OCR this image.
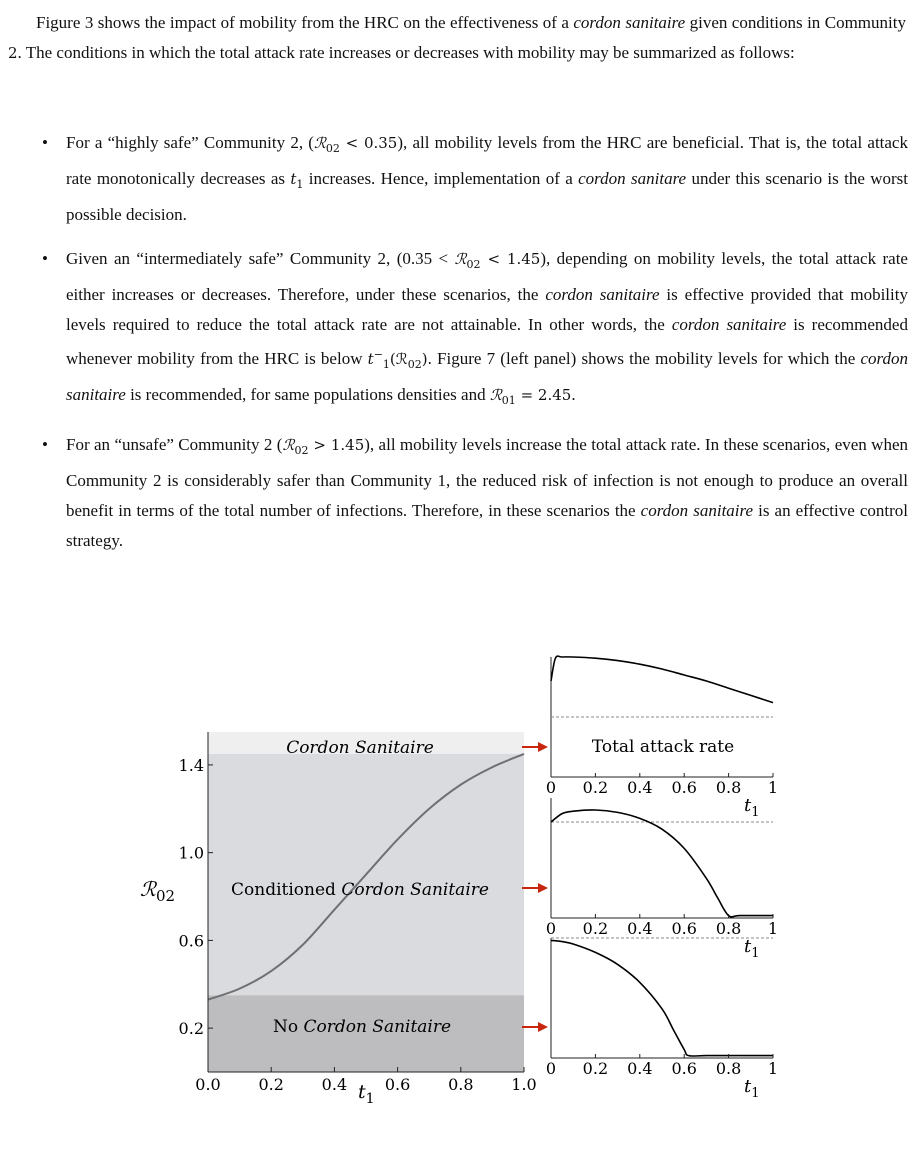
Figure 3 shows the impact of mobility from the HRC on the effectiveness of a cordon sanitaire given conditions in Community 2. The conditions in which the total attack rate increases or decreases with mobility may be summarized as follows:

• For a “highly safe” Community 2, (ℛ$_{02}$ < 0.35), all mobility levels from the HRC are beneficial. That is, the total attack rate monotonically decreases as $t_1$ increases. Hence, implementation of a cordon sanitare under this scenario is the worst possible decision.
• Given an “intermediately safe” Community 2, (0.35 < ℛ$_{02}$ < 1.45), depending on mobility levels, the total attack rate either increases or decreases. Therefore, under these scenarios, the cordon sanitaire is effective provided that mobility levels required to reduce the total attack rate are not attainable. In other words, the cordon sanitaire is recommended whenever mobility from the HRC is below $t^-_1(ℛ_{02})$. Figure 7 (left panel) shows the mobility levels for which the cordon sanitaire is recommended, for same populations densities and ℛ$_{01}$ = 2.45.
• For an “unsafe” Community 2 (ℛ$_{02}$ > 1.45), all mobility levels increase the total attack rate. In these scenarios, even when Community 2 is considerably safer than Community 1, the reduced risk of infection is not enough to produce an overall benefit in terms of the total number of infections. Therefore, in these scenarios the cordon sanitaire is an effective control strategy.
0.0 0.2 0.4 0.6 0.8 1.0
0.2
0.6
1.0
1.4
Cordon Sanitaire
Conditioned Cordon Sanitaire
No Cordon Sanitaire
ℛ$_{02}$
$t_1$
0 0.2 0.4 0.6 0.8 1
$t_1$
0 0.2 0.4 0.6 0.8 1
$t_1$
0 0.2 0.4 0.6 0.8 1
$t_1$
Total attack rate
